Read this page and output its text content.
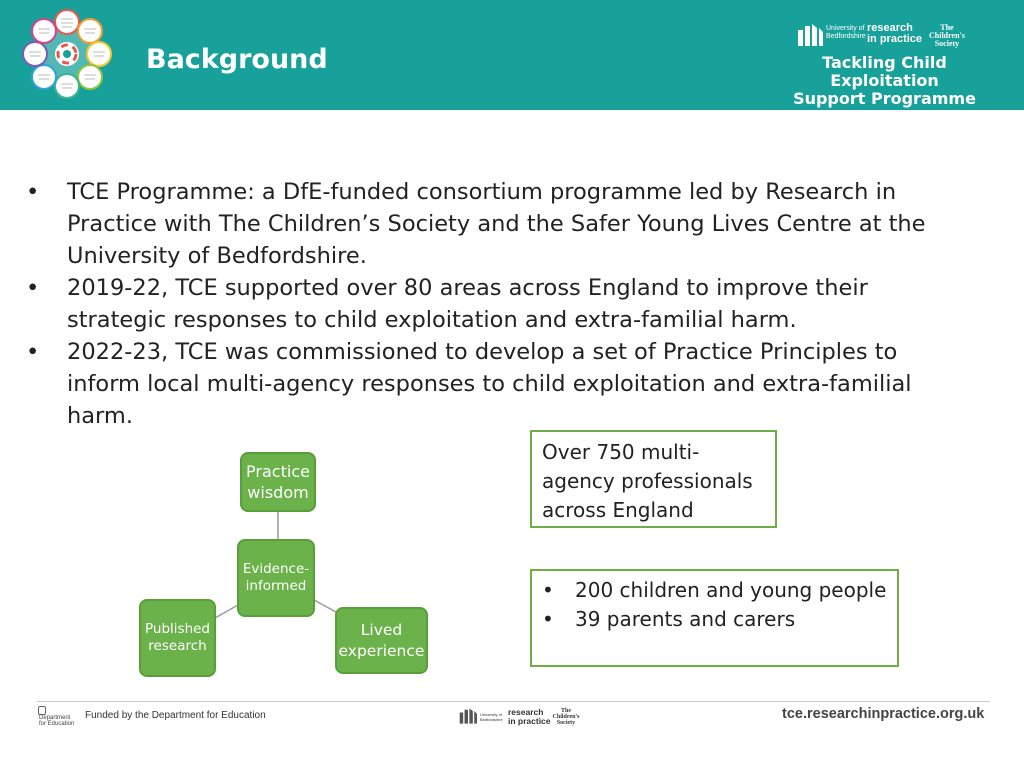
Background
University of Bedfordshire
research
in practice
The
Children's
Society
Tackling Child Exploitation
Support Programme
• TCE Programme: a DfE-funded consortium programme led by Research in Practice with The Children’s Society and the Safer Young Lives Centre at the University of Bedfordshire.
• 2019-22, TCE supported over 80 areas across England to improve their strategic responses to child exploitation and extra-familial harm.
• 2022-23, TCE was commissioned to develop a set of Practice Principles to inform local multi-agency responses to child exploitation and extra-familial harm.
Practice wisdom
Evidence-informed
Published research
Lived experience
Over 750 multi-agency professionals across England
• 200 children and young people
• 39 parents and carers
Department for Education
Funded by the Department for Education	University of Bedfordshire
research
in practice
The Children's Society
tce.researchinpractice.org.uk
